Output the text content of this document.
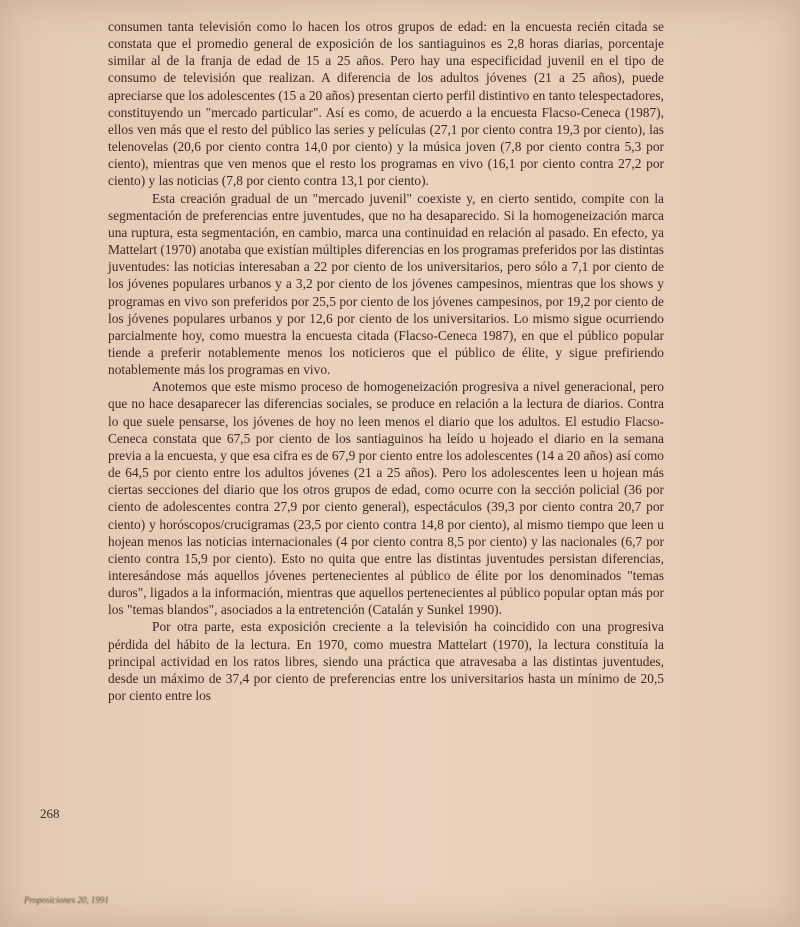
consumen tanta televisión como lo hacen los otros grupos de edad: en la encuesta recién citada se constata que el promedio general de exposición de los santiaguinos es 2,8 horas diarias, porcentaje similar al de la franja de edad de 15 a 25 años. Pero hay una especificidad juvenil en el tipo de consumo de televisión que realizan. A diferencia de los adultos jóvenes (21 a 25 años), puede apreciarse que los adolescentes (15 a 20 años) presentan cierto perfil distintivo en tanto telespectadores, constituyendo un "mercado particular". Así es como, de acuerdo a la encuesta Flacso-Ceneca (1987), ellos ven más que el resto del público las series y películas (27,1 por ciento contra 19,3 por ciento), las telenovelas (20,6 por ciento contra 14,0 por ciento) y la música joven (7,8 por ciento contra 5,3 por ciento), mientras que ven menos que el resto los programas en vivo (16,1 por ciento contra 27,2 por ciento) y las noticias (7,8 por ciento contra 13,1 por ciento).

Esta creación gradual de un "mercado juvenil" coexiste y, en cierto sentido, compite con la segmentación de preferencias entre juventudes, que no ha desaparecido. Si la homogeneización marca una ruptura, esta segmentación, en cambio, marca una continuidad en relación al pasado. En efecto, ya Mattelart (1970) anotaba que existían múltiples diferencias en los programas preferidos por las distintas juventudes: las noticias interesaban a 22 por ciento de los universitarios, pero sólo a 7,1 por ciento de los jóvenes populares urbanos y a 3,2 por ciento de los jóvenes campesinos, mientras que los shows y programas en vivo son preferidos por 25,5 por ciento de los jóvenes campesinos, por 19,2 por ciento de los jóvenes populares urbanos y por 12,6 por ciento de los universitarios. Lo mismo sigue ocurriendo parcialmente hoy, como muestra la encuesta citada (Flacso-Ceneca 1987), en que el público popular tiende a preferir notablemente menos los noticieros que el público de élite, y sigue prefiriendo notablemente más los programas en vivo.

Anotemos que este mismo proceso de homogeneización progresiva a nivel generacional, pero que no hace desaparecer las diferencias sociales, se produce en relación a la lectura de diarios. Contra lo que suele pensarse, los jóvenes de hoy no leen menos el diario que los adultos. El estudio Flacso-Ceneca constata que 67,5 por ciento de los santiaguinos ha leído u hojeado el diario en la semana previa a la encuesta, y que esa cifra es de 67,9 por ciento entre los adolescentes (14 a 20 años) así como de 64,5 por ciento entre los adultos jóvenes (21 a 25 años). Pero los adolescentes leen u hojean más ciertas secciones del diario que los otros grupos de edad, como ocurre con la sección policial (36 por ciento de adolescentes contra 27,9 por ciento general), espectáculos (39,3 por ciento contra 20,7 por ciento) y horóscopos/crucigramas (23,5 por ciento contra 14,8 por ciento), al mismo tiempo que leen u hojean menos las noticias internacionales (4 por ciento contra 8,5 por ciento) y las nacionales (6,7 por ciento contra 15,9 por ciento). Esto no quita que entre las distintas juventudes persistan diferencias, interesándose más aquellos jóvenes pertenecientes al público de élite por los denominados "temas duros", ligados a la información, mientras que aquellos pertenecientes al público popular optan más por los "temas blandos", asociados a la entretención (Catalán y Sunkel 1990).

Por otra parte, esta exposición creciente a la televisión ha coincidido con una progresiva pérdida del hábito de la lectura. En 1970, como muestra Mattelart (1970), la lectura constituía la principal actividad en los ratos libres, siendo una práctica que atravesaba a las distintas juventudes, desde un máximo de 37,4 por ciento de preferencias entre los universitarios hasta un mínimo de 20,5 por ciento entre los

268
Proposiciones 20, 1991
